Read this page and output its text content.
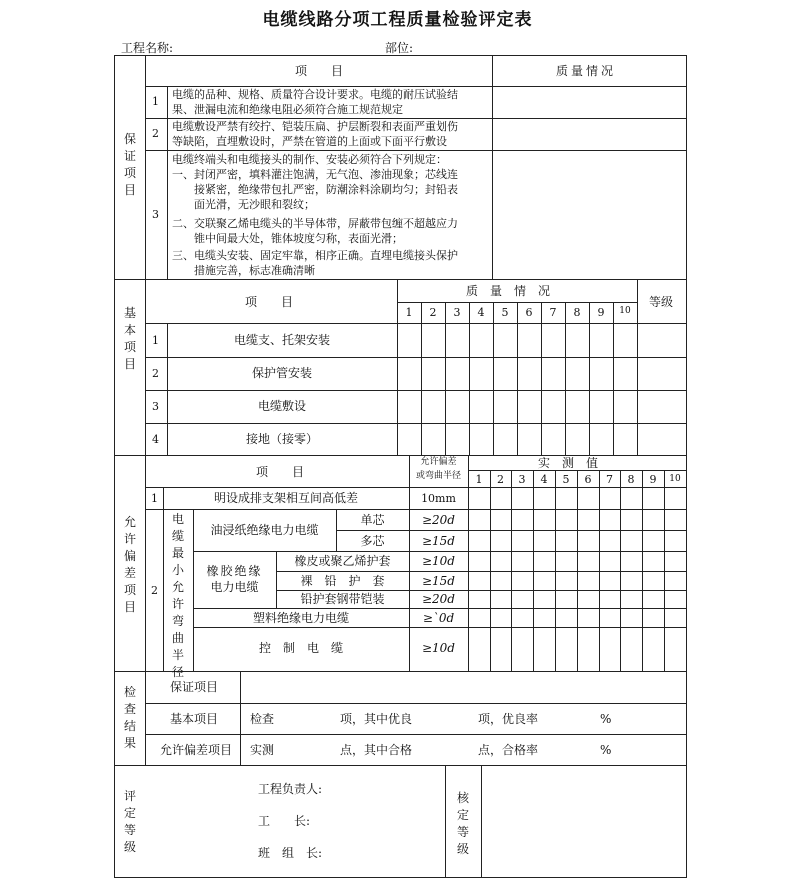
电缆线路分项工程质量检验评定表
工程名称:	部位:
保证项目
项　　目	质量情况
1
电缆的品种、规格、质量符合设计要求。电缆的耐压试验结
果、泄漏电流和绝缘电阻必须符合施工规范规定
2
电缆敷设严禁有绞拧、铠装压扁、护层断裂和表面严重划伤
等缺陷，直埋敷设时，严禁在管道的上面或下面平行敷设
3
电缆终端头和电缆接头的制作、安装必须符合下列规定：
一、封闭严密，填料灌注饱满，无气泡、渗油现象；芯线连
　　接紧密，绝缘带包扎严密，防潮涂料涂刷均匀；封铅表
　　面光滑，无沙眼和裂纹；
二、交联聚乙烯电缆头的半导体带，屏蔽带包缠不超越应力
　　锥中间最大处，锥体坡度匀称，表面光滑；
三、电缆头安装、固定牢靠，相序正确。直埋电缆接头保护
　　措施完善，标志准确清晰
基本项目
项　　目
质　量　情　况
等级
1	2	3	4	5	6	7	8	9	10
1	电缆支、托架安装
2	保护管安装
3	电缆敷设
4	接地（接零）
允许偏差项目
项　　目
允许偏差
或弯曲半径
实　测　值
1	2	3	4	5	6	7	8	9	10
1	明设成排支架相互间高低差	10mm
2
电缆最小允许弯曲半径
油浸纸绝缘电力电缆
单芯	≥20d
多芯	≥15d
橡胶绝缘
电力电缆
橡皮或聚乙烯护套	≥10d
裸　铅　护　套	≥15d
铅护套钢带铠装	≥20d
塑料绝缘电力电缆	≥`0d
控　制　电　缆	≥10d
检查结果
保证项目
基本项目	检查	项，其中优良	项，优良率	%
允许偏差项目 实测	点，其中合格	点，合格率	%
评定等级
工程负责人:
工　　长:
班　组　长:
核定等级
